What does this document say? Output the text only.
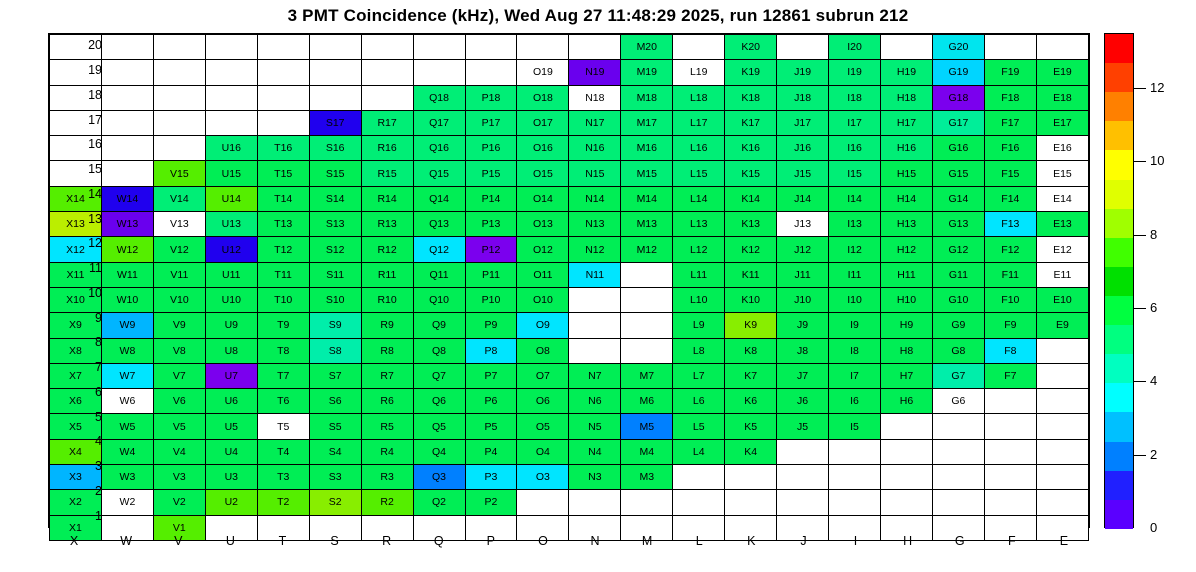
3 PMT Coincidence (kHz), Wed Aug 27 11:48:29 2025, run 12861 subrun 212
											M20		K20		I20		G20		
									O19	N19	M19	L19	K19	J19	I19	H19	G19	F19	E19
							Q18	P18	O18	N18	M18	L18	K18	J18	I18	H18	G18	F18	E18
					S17	R17	Q17	P17	O17	N17	M17	L17	K17	J17	I17	H17	G17	F17	E17
			U16	T16	S16	R16	Q16	P16	O16	N16	M16	L16	K16	J16	I16	H16	G16	F16	E16
		V15	U15	T15	S15	R15	Q15	P15	O15	N15	M15	L15	K15	J15	I15	H15	G15	F15	E15
X14	W14	V14	U14	T14	S14	R14	Q14	P14	O14	N14	M14	L14	K14	J14	I14	H14	G14	F14	E14
X13	W13	V13	U13	T13	S13	R13	Q13	P13	O13	N13	M13	L13	K13	J13	I13	H13	G13	F13	E13
X12	W12	V12	U12	T12	S12	R12	Q12	P12	O12	N12	M12	L12	K12	J12	I12	H12	G12	F12	E12
X11	W11	V11	U11	T11	S11	R11	Q11	P11	O11	N11		L11	K11	J11	I11	H11	G11	F11	E11
X10	W10	V10	U10	T10	S10	R10	Q10	P10	O10			L10	K10	J10	I10	H10	G10	F10	E10
X9	W9	V9	U9	T9	S9	R9	Q9	P9	O9			L9	K9	J9	I9	H9	G9	F9	E9
X8	W8	V8	U8	T8	S8	R8	Q8	P8	O8			L8	K8	J8	I8	H8	G8	F8	
X7	W7	V7	U7	T7	S7	R7	Q7	P7	O7	N7	M7	L7	K7	J7	I7	H7	G7	F7	
X6	W6	V6	U6	T6	S6	R6	Q6	P6	O6	N6	M6	L6	K6	J6	I6	H6	G6		
X5	W5	V5	U5	T5	S5	R5	Q5	P5	O5	N5	M5	L5	K5	J5	I5				
X4	W4	V4	U4	T4	S4	R4	Q4	P4	O4	N4	M4	L4	K4						
X3	W3	V3	U3	T3	S3	R3	Q3	P3	O3	N3	M3								
X2	W2	V2	U2	T2	S2	R2	Q2	P2											
X1		V1																	
20
19
18
17
16
15
14
13
12
11
10
9
8
7
6
5
4
3
2
1
X	W	V	U	T	S	R	Q	P	O	N	M	L	K	J	I	H	G	F	E
0
2
4
6
8
10
12
